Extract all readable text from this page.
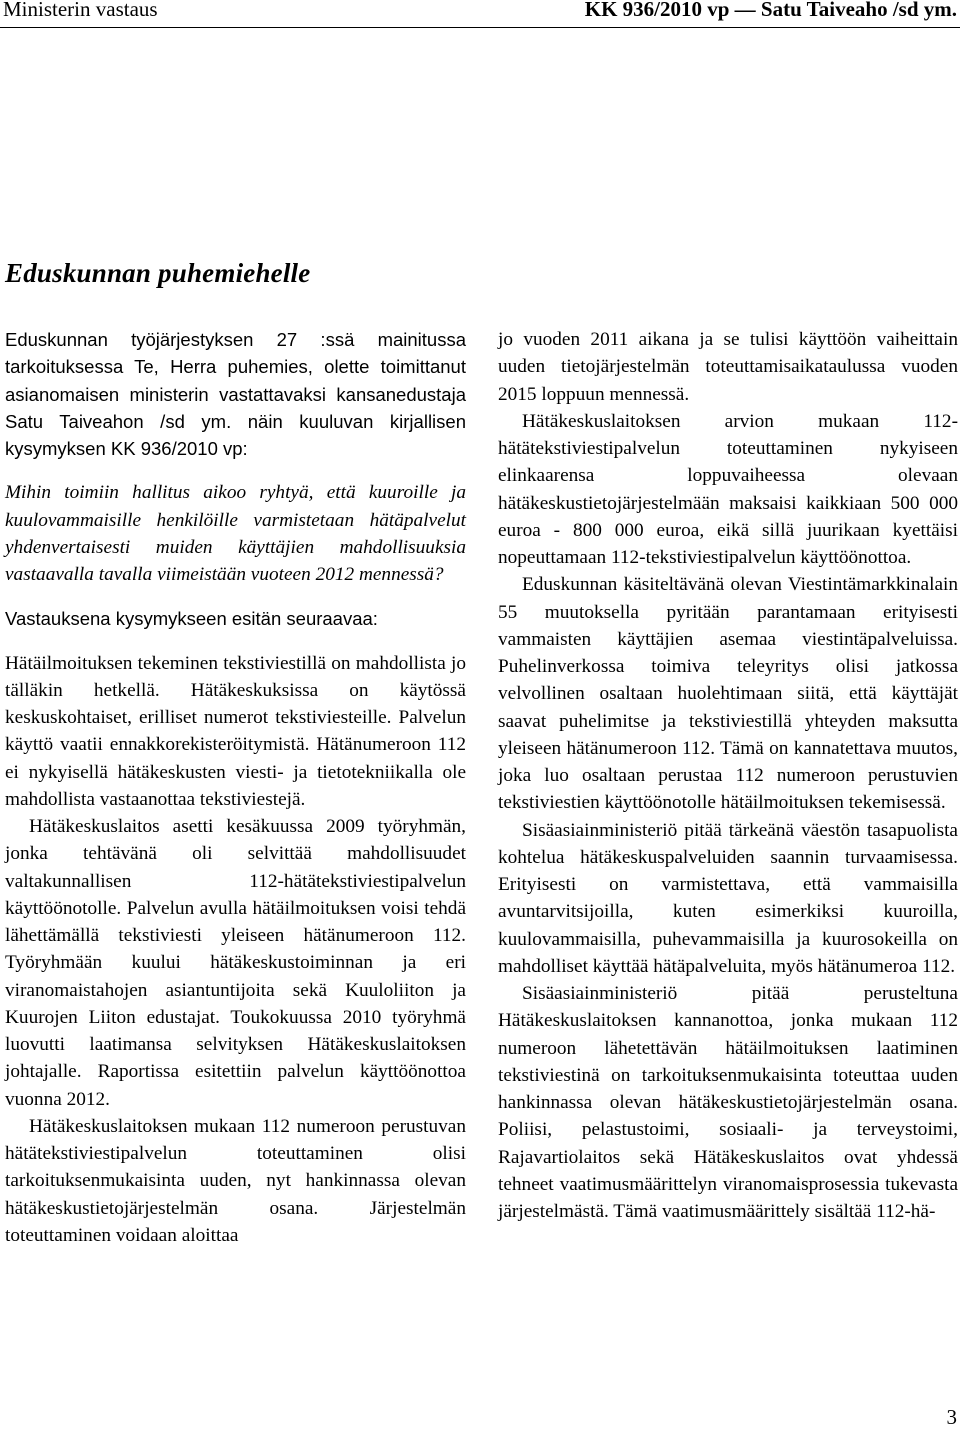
Ministerin vastaus	KK 936/2010 vp — Satu Taiveaho /sd ym.
Eduskunnan puhemiehelle

Eduskunnan työjärjestyksen 27 :ssä mainitussa tarkoituksessa Te, Herra puhemies, olette toimittanut asianomaisen ministerin vastattavaksi kansanedustaja Satu Taiveahon /sd ym. näin kuuluvan kirjallisen kysymyksen KK 936/2010 vp:

Mihin toimiin hallitus aikoo ryhtyä, että kuuroille ja kuulovammaisille henkilöille varmistetaan hätäpalvelut yhdenvertaisesti muiden käyttäjien mahdollisuuksia vastaavalla tavalla viimeistään vuoteen 2012 mennessä?

Vastauksena kysymykseen esitän seuraavaa:

Hätäilmoituksen tekeminen tekstiviestillä on mahdollista jo tälläkin hetkellä. Hätäkeskuksissa on käytössä keskuskohtaiset, erilliset numerot tekstiviesteille. Palvelun käyttö vaatii ennakkorekisteröitymistä. Hätänumeroon 112 ei nykyisellä hätäkeskusten viesti- ja tietotekniikalla ole mahdollista vastaanottaa tekstiviestejä.

Hätäkeskuslaitos asetti kesäkuussa 2009 työryhmän, jonka tehtävänä oli selvittää mahdollisuudet valtakunnallisen 112-hätätekstiviestipalvelun käyttöönotolle. Palvelun avulla hätäilmoituksen voisi tehdä lähettämällä tekstiviesti yleiseen hätänumeroon 112. Työryhmään kuului hätäkeskustoiminnan ja eri viranomaistahojen asiantuntijoita sekä Kuuloliiton ja Kuurojen Liiton edustajat. Toukokuussa 2010 työryhmä luovutti laatimansa selvityksen Hätäkeskuslaitoksen johtajalle. Raportissa esitettiin palvelun käyttöönottoa vuonna 2012.

Hätäkeskuslaitoksen mukaan 112 numeroon perustuvan hätätekstiviestipalvelun toteuttaminen olisi tarkoituksenmukaisinta uuden, nyt hankinnassa olevan hätäkeskustietojärjestelmän osana. Järjestelmän toteuttaminen voidaan aloittaa

jo vuoden 2011 aikana ja se tulisi käyttöön vaiheittain uuden tietojärjestelmän toteuttamisaikataulussa vuoden 2015 loppuun mennessä.

Hätäkeskuslaitoksen arvion mukaan 112-hätätekstiviestipalvelun toteuttaminen nykyiseen elinkaarensa loppuvaiheessa olevaan hätäkeskustietojärjestelmään maksaisi kaikkiaan 500 000 euroa - 800 000 euroa, eikä sillä juurikaan kyettäisi nopeuttamaan 112-tekstiviestipalvelun käyttöönottoa.

Eduskunnan käsiteltävänä olevan Viestintämarkkinalain 55 muutoksella pyritään parantamaan erityisesti vammaisten käyttäjien asemaa viestintäpalveluissa. Puhelinverkossa toimiva teleyritys olisi jatkossa velvollinen osaltaan huolehtimaan siitä, että käyttäjät saavat puhelimitse ja tekstiviestillä yhteyden maksutta yleiseen hätänumeroon 112. Tämä on kannatettava muutos, joka luo osaltaan perustaa 112 numeroon perustuvien tekstiviestien käyttöönotolle hätäilmoituksen tekemisessä.

Sisäasiainministeriö pitää tärkeänä väestön tasapuolista kohtelua hätäkeskuspalveluiden saannin turvaamisessa. Erityisesti on varmistettava, että vammaisilla avuntarvitsijoilla, kuten esimerkiksi kuuroilla, kuulovammaisilla, puhevammaisilla ja kuurosokeilla on mahdolliset käyttää hätäpalveluita, myös hätänumeroa 112.

Sisäasiainministeriö pitää perusteltuna Hätäkeskuslaitoksen kannanottoa, jonka mukaan 112 numeroon lähetettävän hätäilmoituksen laatiminen tekstiviestinä on tarkoituksenmukaisinta toteuttaa uuden hankinnassa olevan hätäkeskustietojärjestelmän osana. Poliisi, pelastustoimi, sosiaali- ja terveystoimi, Rajavartiolaitos sekä Hätäkeskuslaitos ovat yhdessä tehneet vaatimusmäärittelyn viranomaisprosessia tukevasta järjestelmästä. Tämä vaatimusmäärittely sisältää 112-hä-

3
